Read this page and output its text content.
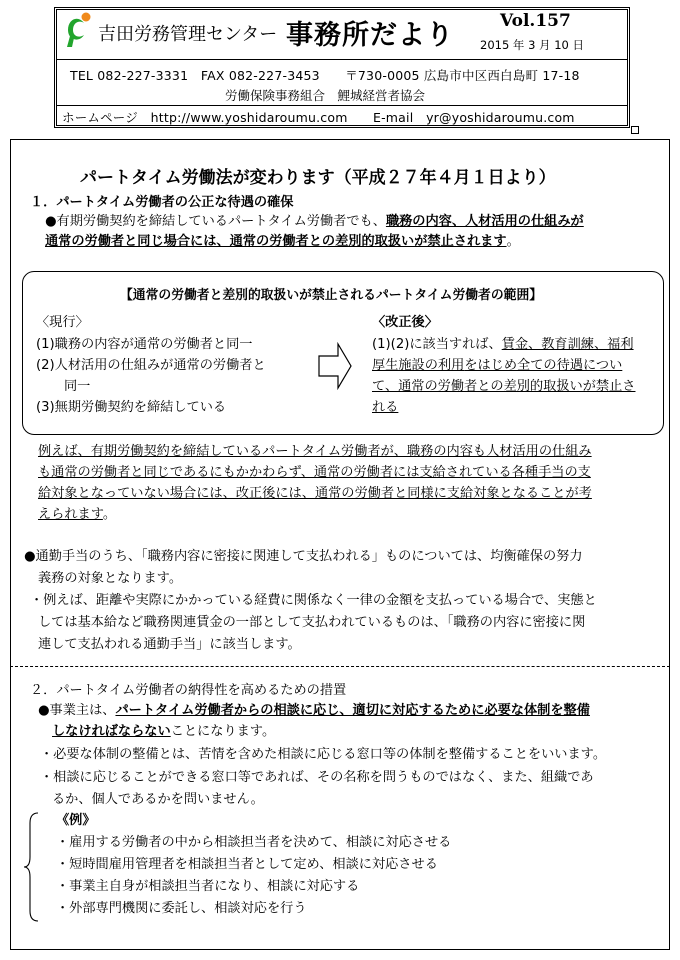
吉田労務管理センター 事務所だより	Vol.157
2015 年 3 月 10 日
TEL 082-227-3331　FAX 082-227-3453　　〒730-0005 広島市中区西白島町 17-18
労働保険事務組合　鯉城経営者協会
ホームページ　http://www.yoshidaroumu.com　　E-mail　yr@yoshidaroumu.com
パートタイム労働法が変わります（平成２７年４月１日より）
１．パートタイム労働者の公正な待遇の確保
●有期労働契約を締結しているパートタイム労働者でも、職務の内容、人材活用の仕組みが
通常の労働者と同じ場合には、通常の労働者との差別的取扱いが禁止されます。
【通常の労働者と差別的取扱いが禁止されるパートタイム労働者の範囲】
〈現行〉
(1)職務の内容が通常の労働者と同一
(2)人材活用の仕組みが通常の労働者と
同一
(3)無期労働契約を締結している
〈改正後〉
(1)(2)に該当すれば、賃金、教育訓練、福利
厚生施設の利用をはじめ全ての待遇につい
て、通常の労働者との差別的取扱いが禁止さ
れる
例えば、有期労働契約を締結しているパートタイム労働者が、職務の内容も人材活用の仕組み
も通常の労働者と同じであるにもかかわらず、通常の労働者には支給されている各種手当の支
給対象となっていない場合には、改正後には、通常の労働者と同様に支給対象となることが考
えられます。
●通勤手当のうち、「職務内容に密接に関連して支払われる」ものについては、均衡確保の努力
義務の対象となります。
・例えば、距離や実際にかかっている経費に関係なく一律の金額を支払っている場合で、実態と
しては基本給など職務関連賃金の一部として支払われているものは、「職務の内容に密接に関
連して支払われる通勤手当」に該当します。
２．パートタイム労働者の納得性を高めるための措置
●事業主は、パートタイム労働者からの相談に応じ、適切に対応するために必要な体制を整備
しなければならないことになります。
・必要な体制の整備とは、苦情を含めた相談に応じる窓口等の体制を整備することをいいます。
・相談に応じることができる窓口等であれば、その名称を問うものではなく、また、組織であ
るか、個人であるかを問いません。
《例》
・雇用する労働者の中から相談担当者を決めて、相談に対応させる
・短時間雇用管理者を相談担当者として定め、相談に対応させる
・事業主自身が相談担当者になり、相談に対応する
・外部専門機関に委託し、相談対応を行う
